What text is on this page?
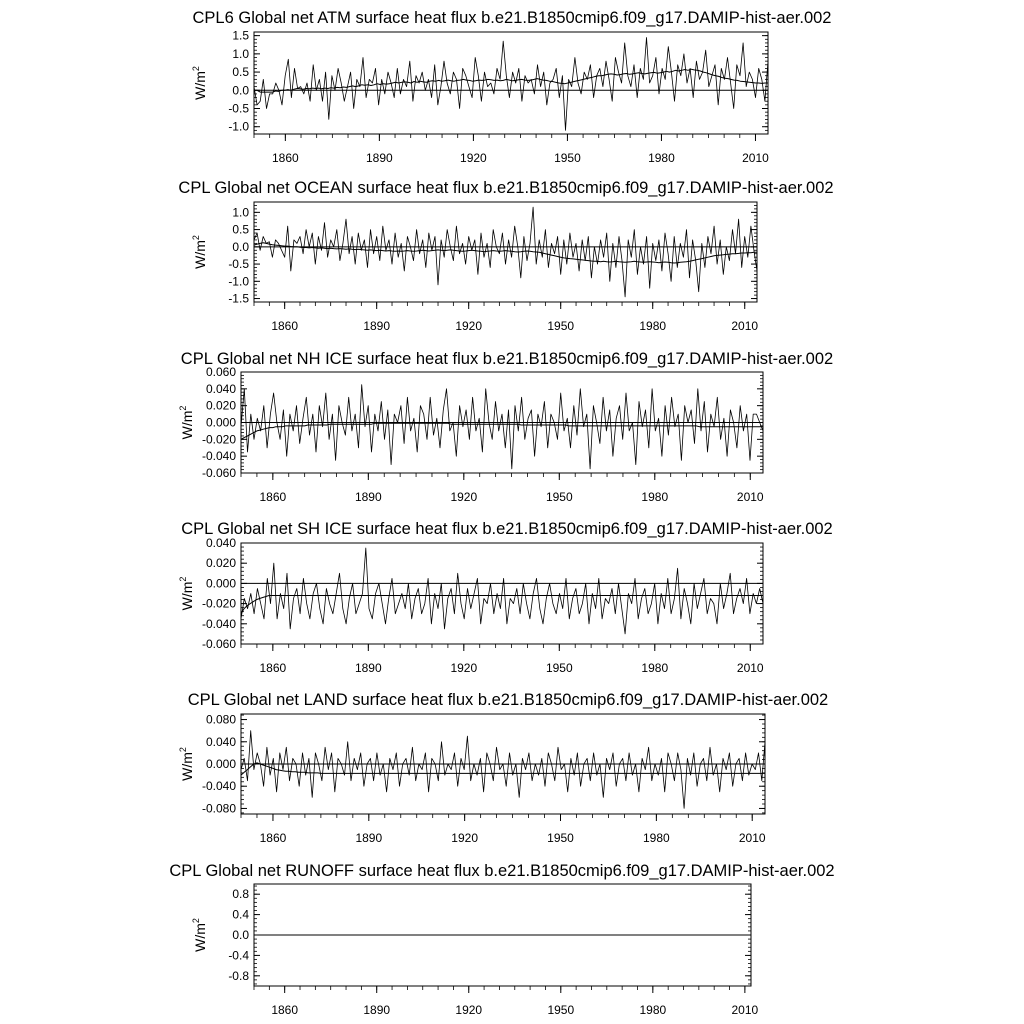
CPL6 Global net ATM surface heat flux b.e21.B1850cmip6.f09_g17.DAMIP-hist-aer.002
1.5
1.0
0.5
0.0
-0.5
-1.0
1860	1890	1920	1950	1980	2010
$W/m^2$
CPL Global net OCEAN surface heat flux b.e21.B1850cmip6.f09_g17.DAMIP-hist-aer.002
1.0
0.5
0.0
-0.5
-1.0
-1.5
1860	1890	1920	1950	1980	2010
$W/m^2$
CPL Global net NH ICE surface heat flux b.e21.B1850cmip6.f09_g17.DAMIP-hist-aer.002
0.060
0.040
0.020
0.000
-0.020
-0.040
-0.060
1860	1890	1920	1950	1980	2010
$W/m^2$
CPL Global net SH ICE surface heat flux b.e21.B1850cmip6.f09_g17.DAMIP-hist-aer.002
0.040
0.020
0.000
-0.020
-0.040
-0.060
1860	1890	1920	1950	1980	2010
$W/m^2$
CPL Global net LAND surface heat flux b.e21.B1850cmip6.f09_g17.DAMIP-hist-aer.002
0.080
0.040
0.000
-0.040
-0.080
1860	1890	1920	1950	1980	2010
$W/m^2$
CPL Global net RUNOFF surface heat flux b.e21.B1850cmip6.f09_g17.DAMIP-hist-aer.002
0.8
0.4
0.0
-0.4
-0.8
1860	1890	1920	1950	1980	2010
$W/m^2$
